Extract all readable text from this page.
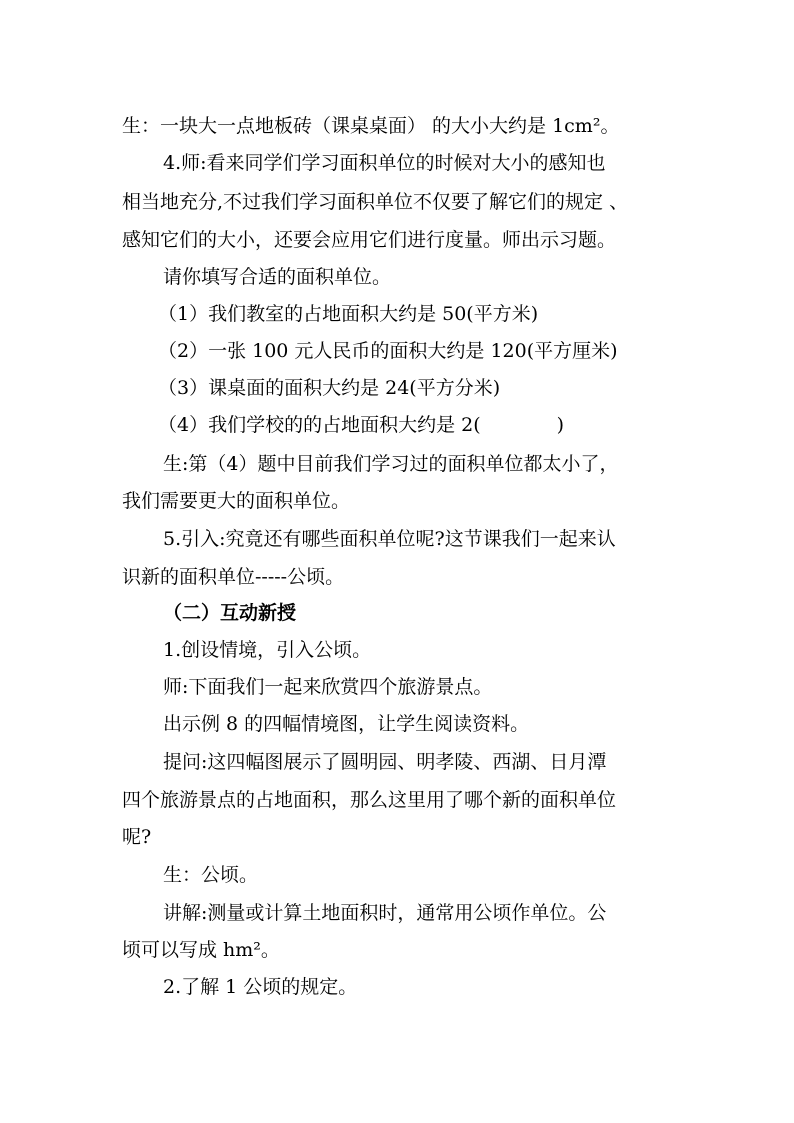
生：一块大一点地板砖（课桌桌面） 的大小大约是 1cm²。
4.师:看来同学们学习面积单位的时候对大小的感知也
相当地充分,不过我们学习面积单位不仅要了解它们的规定 、
感知它们的大小，还要会应用它们进行度量。师出示习题。
请你填写合适的面积单位。
（1）我们教室的占地面积大约是 50(平方米)
（2）一张 100 元人民币的面积大约是 120(平方厘米)
（3）课桌面的面积大约是 24(平方分米)
（4）我们学校的的占地面积大约是 2(　　　　)
生:第（4）题中目前我们学习过的面积单位都太小了，
我们需要更大的面积单位。
5.引入:究竟还有哪些面积单位呢?这节课我们一起来认
识新的面积单位-----公顷。
（二）互动新授
1.创设情境，引入公顷。
师:下面我们一起来欣赏四个旅游景点。
出示例 8 的四幅情境图，让学生阅读资料。
提问:这四幅图展示了圆明园、明孝陵、西湖、日月潭
四个旅游景点的占地面积，那么这里用了哪个新的面积单位
呢?
生：公顷。
讲解:测量或计算土地面积时，通常用公顷作单位。公
顷可以写成 hm²。
2.了解 1 公顷的规定。
